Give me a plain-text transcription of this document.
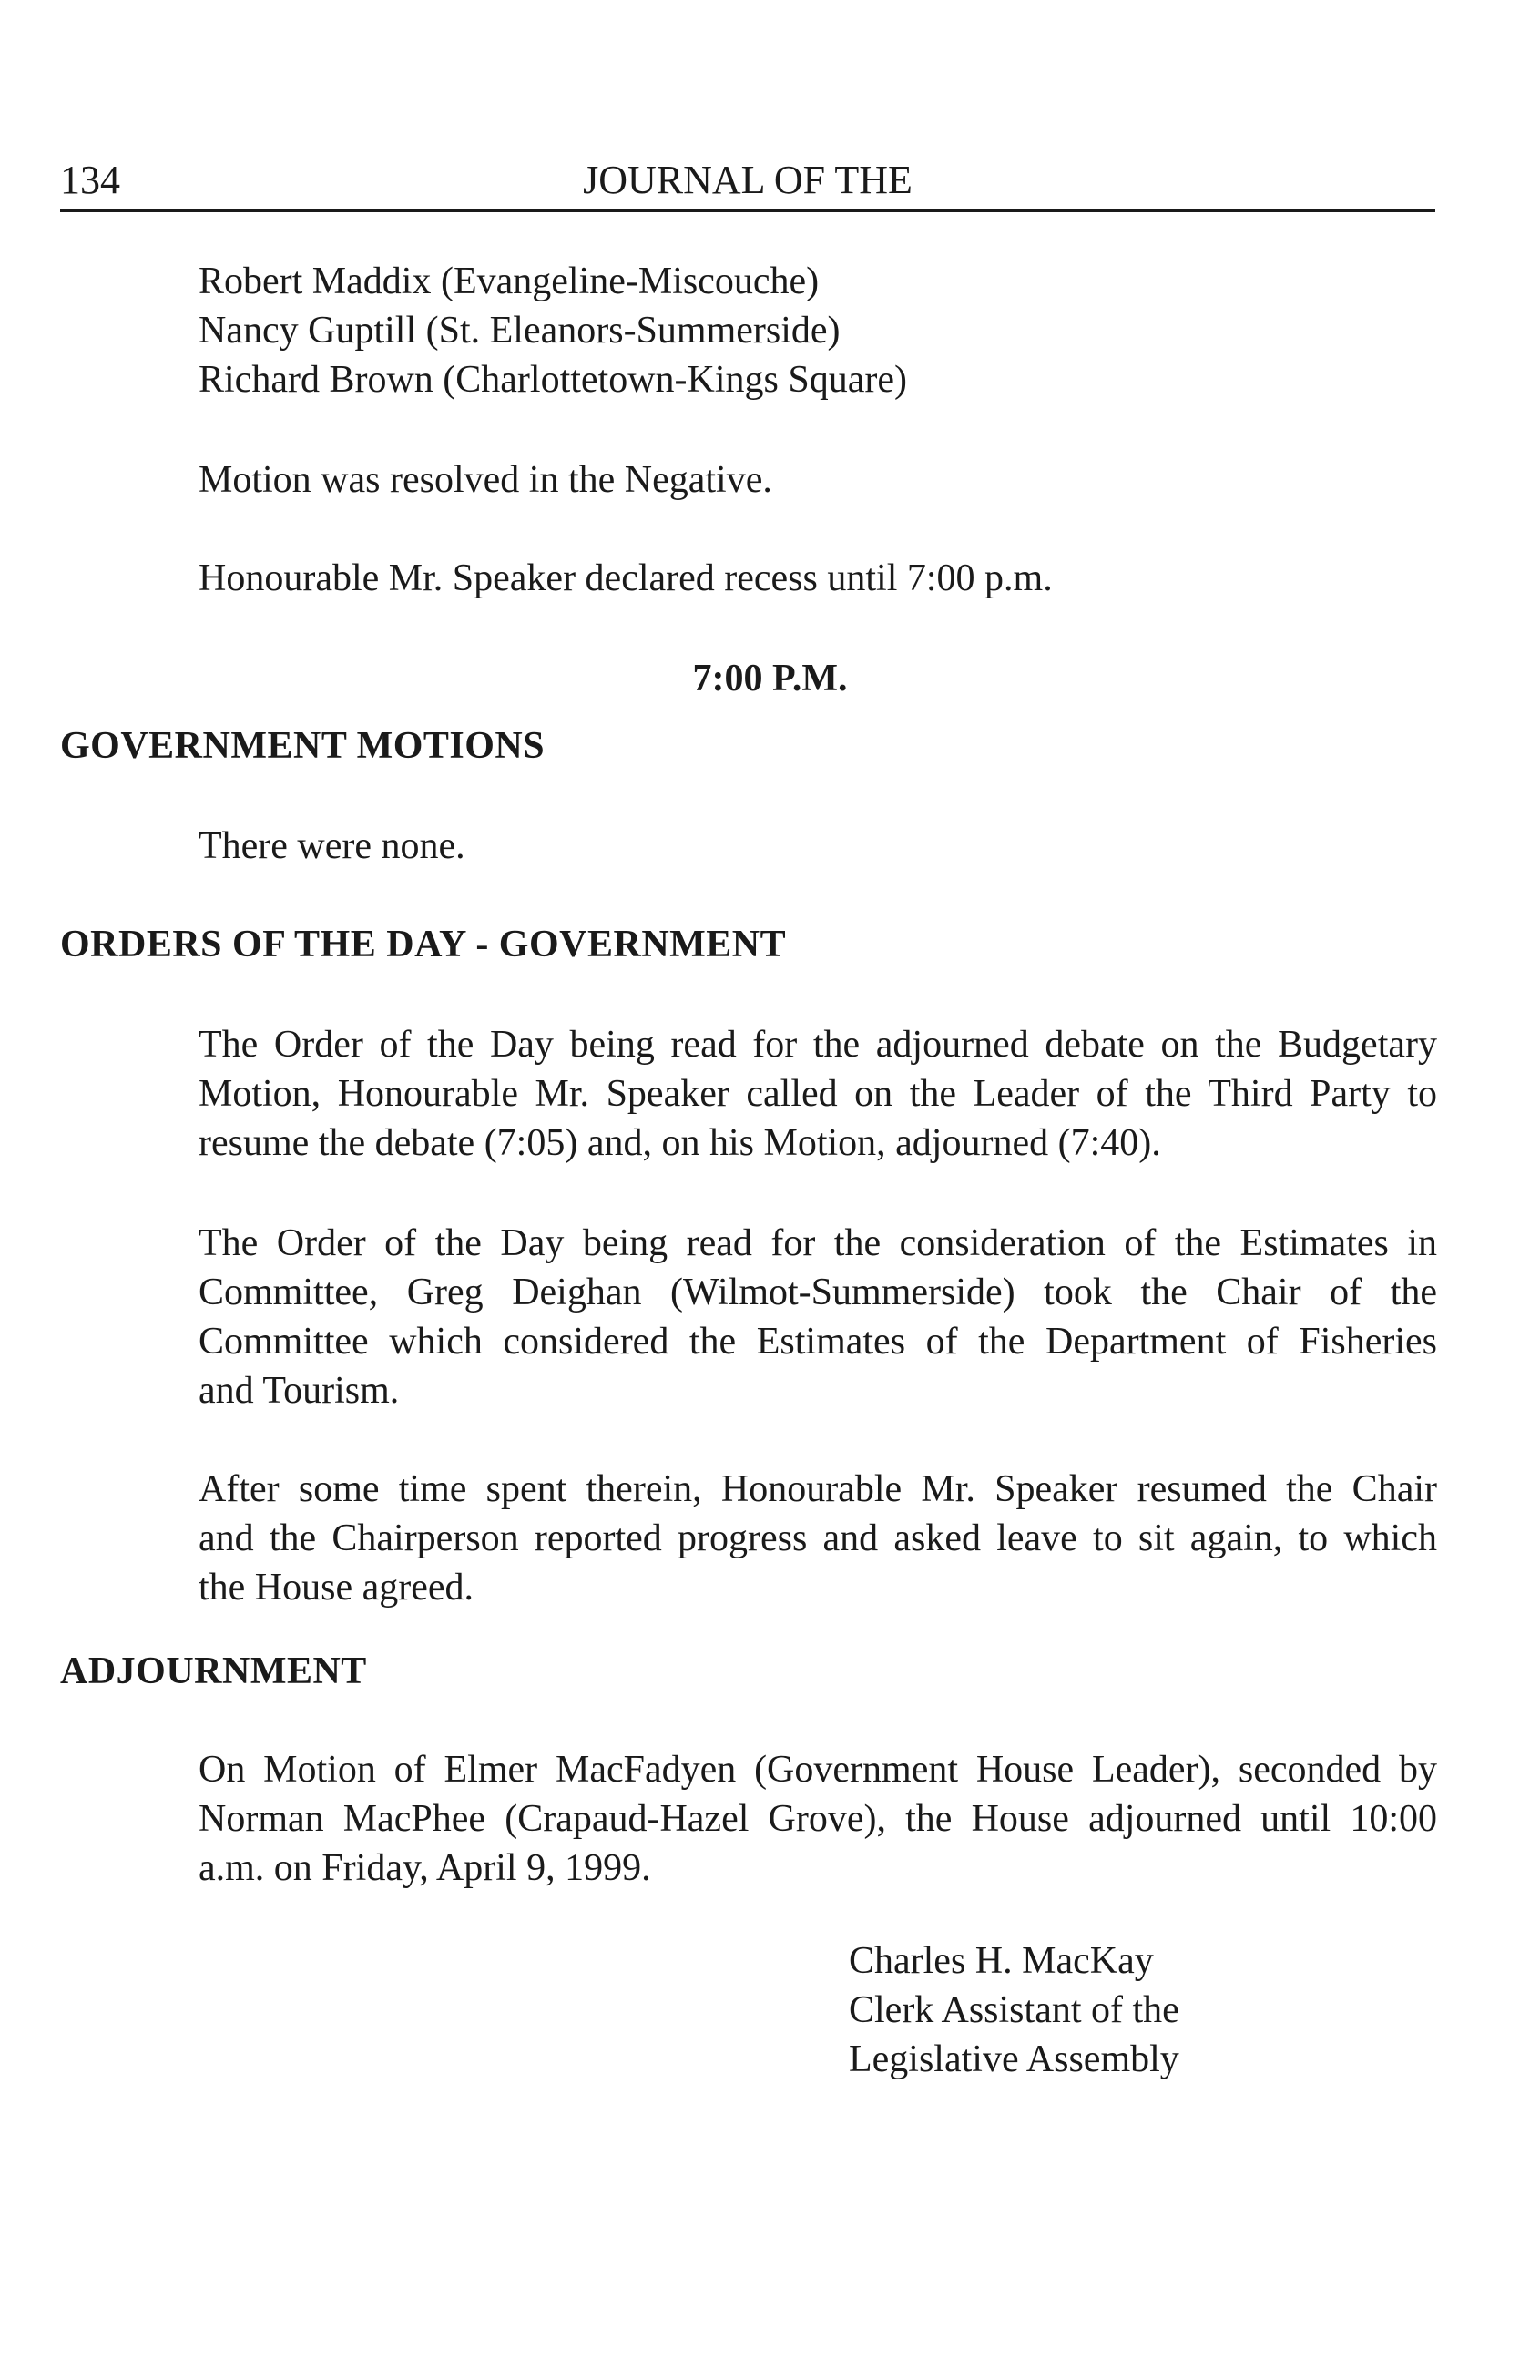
134	JOURNAL OF THE
Robert Maddix (Evangeline-Miscouche)
Nancy Guptill (St. Eleanors-Summerside)
Richard Brown (Charlottetown-Kings Square)
Motion was resolved in the Negative.
Honourable Mr. Speaker declared recess until 7:00 p.m.
7:00 P.M.
GOVERNMENT MOTIONS
There were none.
ORDERS OF THE DAY - GOVERNMENT
The Order of the Day being read for the adjourned debate on the Budgetary
Motion, Honourable Mr. Speaker called on the Leader of the Third Party to
resume the debate (7:05) and, on his Motion, adjourned (7:40).
The Order of the Day being read for the consideration of the Estimates in
Committee, Greg Deighan (Wilmot-Summerside) took the Chair of the
Committee which considered the Estimates of the Department of Fisheries
and Tourism.
After some time spent therein, Honourable Mr. Speaker resumed the Chair
and the Chairperson reported progress and asked leave to sit again, to which
the House agreed.
ADJOURNMENT
On Motion of Elmer MacFadyen (Government House Leader), seconded by
Norman MacPhee (Crapaud-Hazel Grove), the House adjourned until 10:00
a.m. on Friday, April 9, 1999.
Charles H. MacKay
Clerk Assistant of the
Legislative Assembly
